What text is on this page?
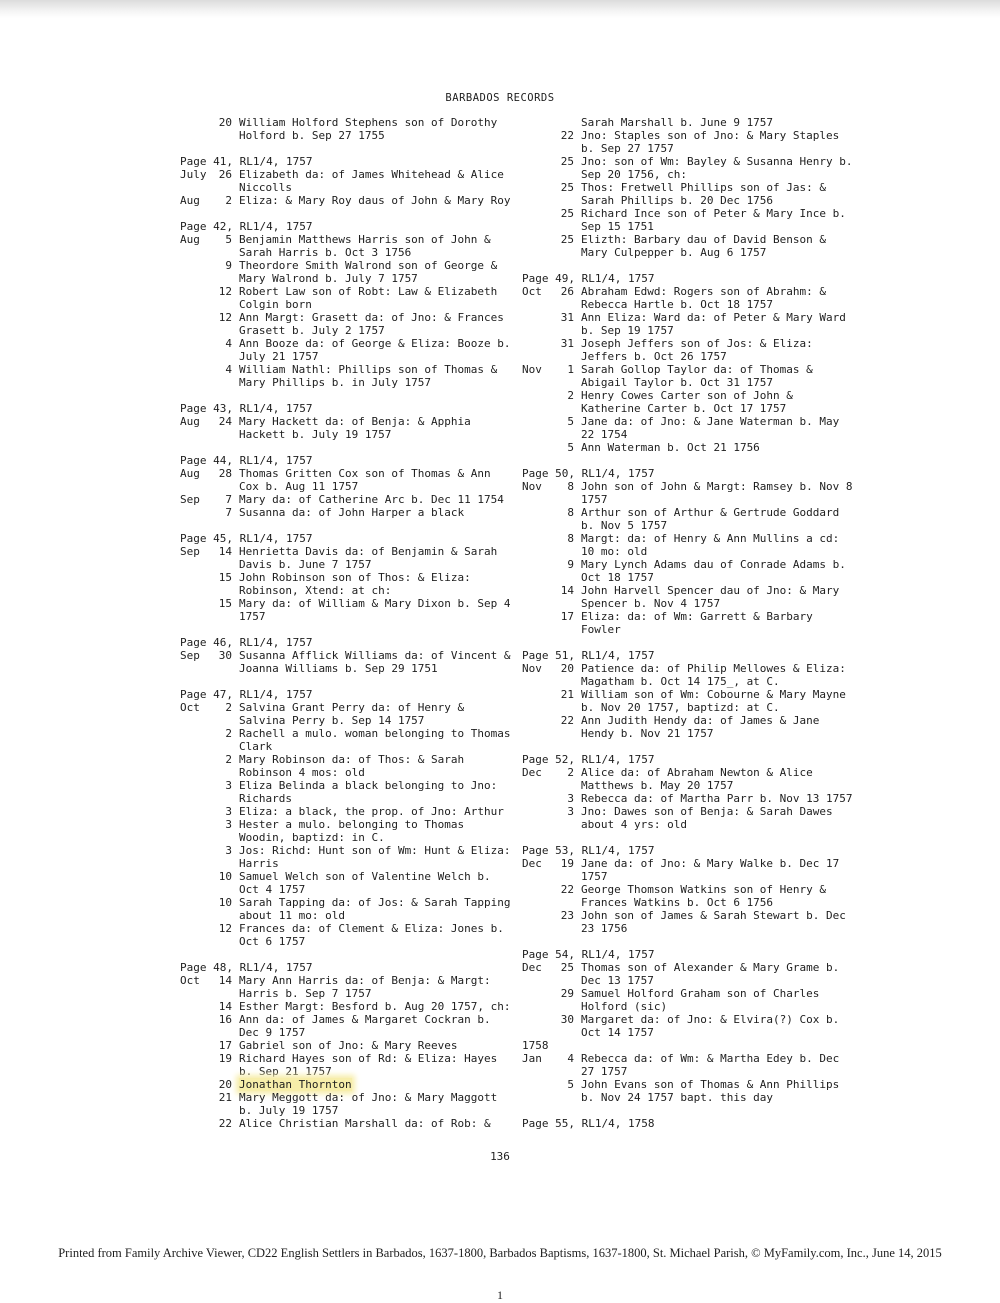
BARBADOS RECORDS
20 William Holford Stephens son of Dorothy
Holford b. Sep 27 1755
Page 41, RL1/4, 1757
July	26 Elizabeth da: of James Whitehead & Alice
Niccolls
Aug	2 Eliza: & Mary Roy daus of John & Mary Roy
Page 42, RL1/4, 1757
Aug	5 Benjamin Matthews Harris son of John &
Sarah Harris b. Oct 3 1756
9 Theordore Smith Walrond son of George &
Mary Walrond b. July 7 1757
12 Robert Law son of Robt: Law & Elizabeth
Colgin born
12 Ann Margt: Grasett da: of Jno: & Frances
Grasett b. July 2 1757
4 Ann Booze da: of George & Eliza: Booze b.
July 21 1757
4 William Nathl: Phillips son of Thomas &
Mary Phillips b. in July 1757
Page 43, RL1/4, 1757
Aug	24 Mary Hackett da: of Benja: & Apphia
Hackett b. July 19 1757
Page 44, RL1/4, 1757
Aug	28 Thomas Gritten Cox son of Thomas & Ann
Cox b. Aug 11 1757
Sep	7 Mary da: of Catherine Arc b. Dec 11 1754
7 Susanna da: of John Harper a black
Page 45, RL1/4, 1757
Sep	14 Henrietta Davis da: of Benjamin & Sarah
Davis b. June 7 1757
15 John Robinson son of Thos: & Eliza:
Robinson, Xtend: at ch:
15 Mary da: of William & Mary Dixon b. Sep 4
1757
Page 46, RL1/4, 1757
Sep	30 Susanna Afflick Williams da: of Vincent &
Joanna Williams b. Sep 29 1751
Page 47, RL1/4, 1757
Oct	2 Salvina Grant Perry da: of Henry &
Salvina Perry b. Sep 14 1757
2 Rachell a mulo. woman belonging to Thomas
Clark
2 Mary Robinson da: of Thos: & Sarah
Robinson 4 mos: old
3 Eliza Belinda a black belonging to Jno:
Richards
3 Eliza: a black, the prop. of Jno: Arthur
3 Hester a mulo. belonging to Thomas
Woodin, baptizd: in C.
3 Jos: Richd: Hunt son of Wm: Hunt & Eliza:
Harris
10 Samuel Welch son of Valentine Welch b.
Oct 4 1757
10 Sarah Tapping da: of Jos: & Sarah Tapping
about 11 mo: old
12 Frances da: of Clement & Eliza: Jones b.
Oct 6 1757
Page 48, RL1/4, 1757
Oct	14 Mary Ann Harris da: of Benja: & Margt:
Harris b. Sep 7 1757
14 Esther Margt: Besford b. Aug 20 1757, ch:
16 Ann da: of James & Margaret Cockran b.
Dec 9 1757
17 Gabriel son of Jno: & Mary Reeves
19 Richard Hayes son of Rd: & Eliza: Hayes
b. Sep 21 1757
20 Jonathan Thornton
21 Mary Meggott da: of Jno: & Mary Maggott
b. July 19 1757
22 Alice Christian Marshall da: of Rob: &
Sarah Marshall b. June 9 1757
22 Jno: Staples son of Jno: & Mary Staples
b. Sep 27 1757
25 Jno: son of Wm: Bayley & Susanna Henry b.
Sep 20 1756, ch:
25 Thos: Fretwell Phillips son of Jas: &
Sarah Phillips b. 20 Dec 1756
25 Richard Ince son of Peter & Mary Ince b.
Sep 15 1751
25 Elizth: Barbary dau of David Benson &
Mary Culpepper b. Aug 6 1757
Page 49, RL1/4, 1757
Oct	26 Abraham Edwd: Rogers son of Abrahm: &
Rebecca Hartle b. Oct 18 1757
31 Ann Eliza: Ward da: of Peter & Mary Ward
b. Sep 19 1757
31 Joseph Jeffers son of Jos: & Eliza:
Jeffers b. Oct 26 1757
Nov	1 Sarah Gollop Taylor da: of Thomas &
Abigail Taylor b. Oct 31 1757
2 Henry Cowes Carter son of John &
Katherine Carter b. Oct 17 1757
5 Jane da: of Jno: & Jane Waterman b. May
22 1754
5 Ann Waterman b. Oct 21 1756
Page 50, RL1/4, 1757
Nov	8 John son of John & Margt: Ramsey b. Nov 8
1757
8 Arthur son of Arthur & Gertrude Goddard
b. Nov 5 1757
8 Margt: da: of Henry & Ann Mullins a cd:
10 mo: old
9 Mary Lynch Adams dau of Conrade Adams b.
Oct 18 1757
14 John Harvell Spencer dau of Jno: & Mary
Spencer b. Nov 4 1757
17 Eliza: da: of Wm: Garrett & Barbary
Fowler
Page 51, RL1/4, 1757
Nov	20 Patience da: of Philip Mellowes & Eliza:
Magatham b. Oct 14 175_, at C.
21 William son of Wm: Cobourne & Mary Mayne
b. Nov 20 1757, baptizd: at C.
22 Ann Judith Hendy da: of James & Jane
Hendy b. Nov 21 1757
Page 52, RL1/4, 1757
Dec	2 Alice da: of Abraham Newton & Alice
Matthews b. May 20 1757
3 Rebecca da: of Martha Parr b. Nov 13 1757
3 Jno: Dawes son of Benja: & Sarah Dawes
about 4 yrs: old
Page 53, RL1/4, 1757
Dec	19 Jane da: of Jno: & Mary Walke b. Dec 17
1757
22 George Thomson Watkins son of Henry &
Frances Watkins b. Oct 6 1756
23 John son of James & Sarah Stewart b. Dec
23 1756
Page 54, RL1/4, 1757
Dec	25 Thomas son of Alexander & Mary Grame b.
Dec 13 1757
29 Samuel Holford Graham son of Charles
Holford (sic)
30 Margaret da: of Jno: & Elvira(?) Cox b.
Oct 14 1757
1758
Jan	4 Rebecca da: of Wm: & Martha Edey b. Dec
27 1757
5 John Evans son of Thomas & Ann Phillips
b. Nov 24 1757 bapt. this day
Page 55, RL1/4, 1758
136
Printed from Family Archive Viewer, CD22 English Settlers in Barbados, 1637-1800, Barbados Baptisms, 1637-1800, St. Michael Parish, © MyFamily.com, Inc., June 14, 2015
1
